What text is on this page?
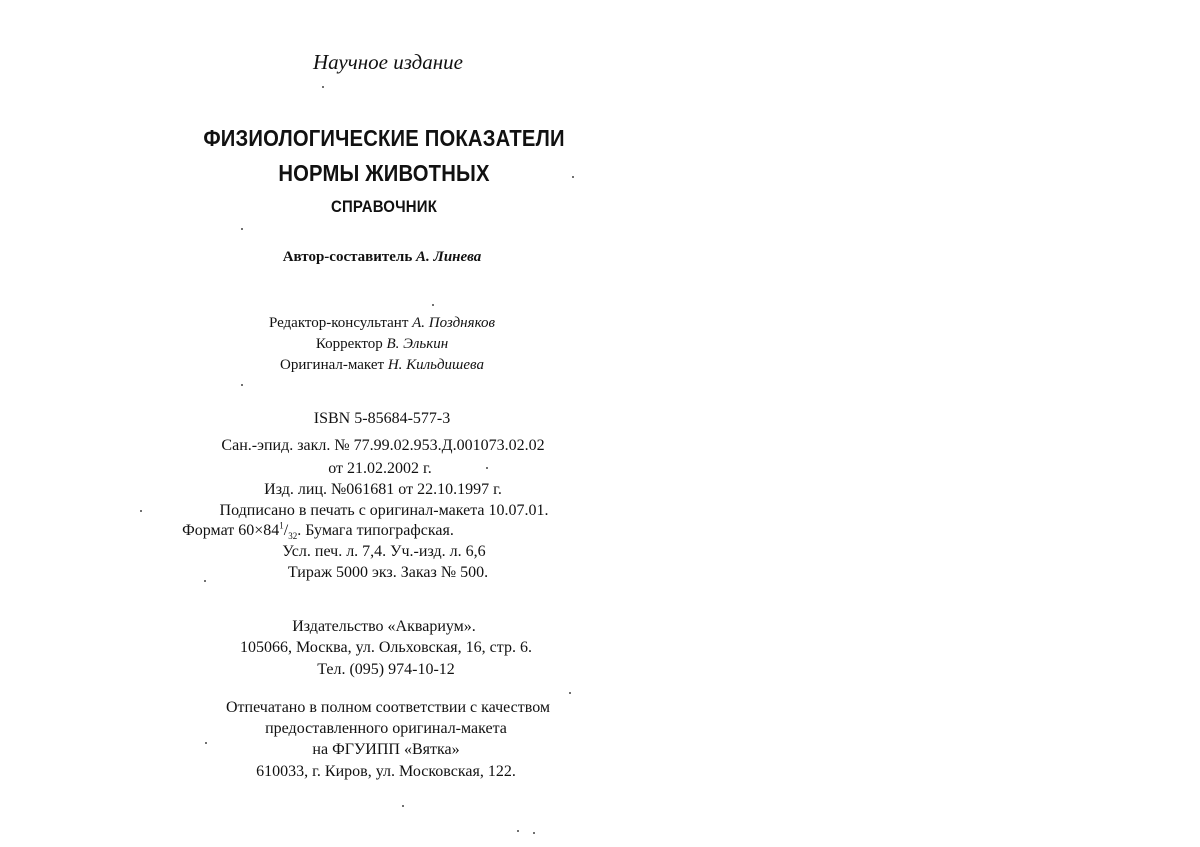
Научное издание
ФИЗИОЛОГИЧЕСКИЕ ПОКАЗАТЕЛИ
НОРМЫ ЖИВОТНЫХ
СПРАВОЧНИК
Автор-составитель А. Линева
Редактор-консультант А. Поздняков
Корректор В. Элькин
Оригинал-макет Н. Кильдишева
ISBN 5-85684-577-3
Сан.-эпид. закл. № 77.99.02.953.Д.001073.02.02
от 21.02.2002 г.
Изд. лиц. №061681 от 22.10.1997 г.
Подписано в печать с оригинал-макета 10.07.01.
Формат $60\times 84^1/_{32}$. Бумага типографская.
Усл. печ. л. 7,4. Уч.-изд. л. 6,6
Тираж 5000 экз. Заказ № 500.
Издательство «Аквариум».
105066, Москва, ул. Ольховская, 16, стр. 6.
Тел. (095) 974-10-12
Отпечатано в полном соответствии с качеством
предоставленного оригинал-макета
на ФГУИПП «Вятка»
610033, г. Киров, ул. Московская, 122.
